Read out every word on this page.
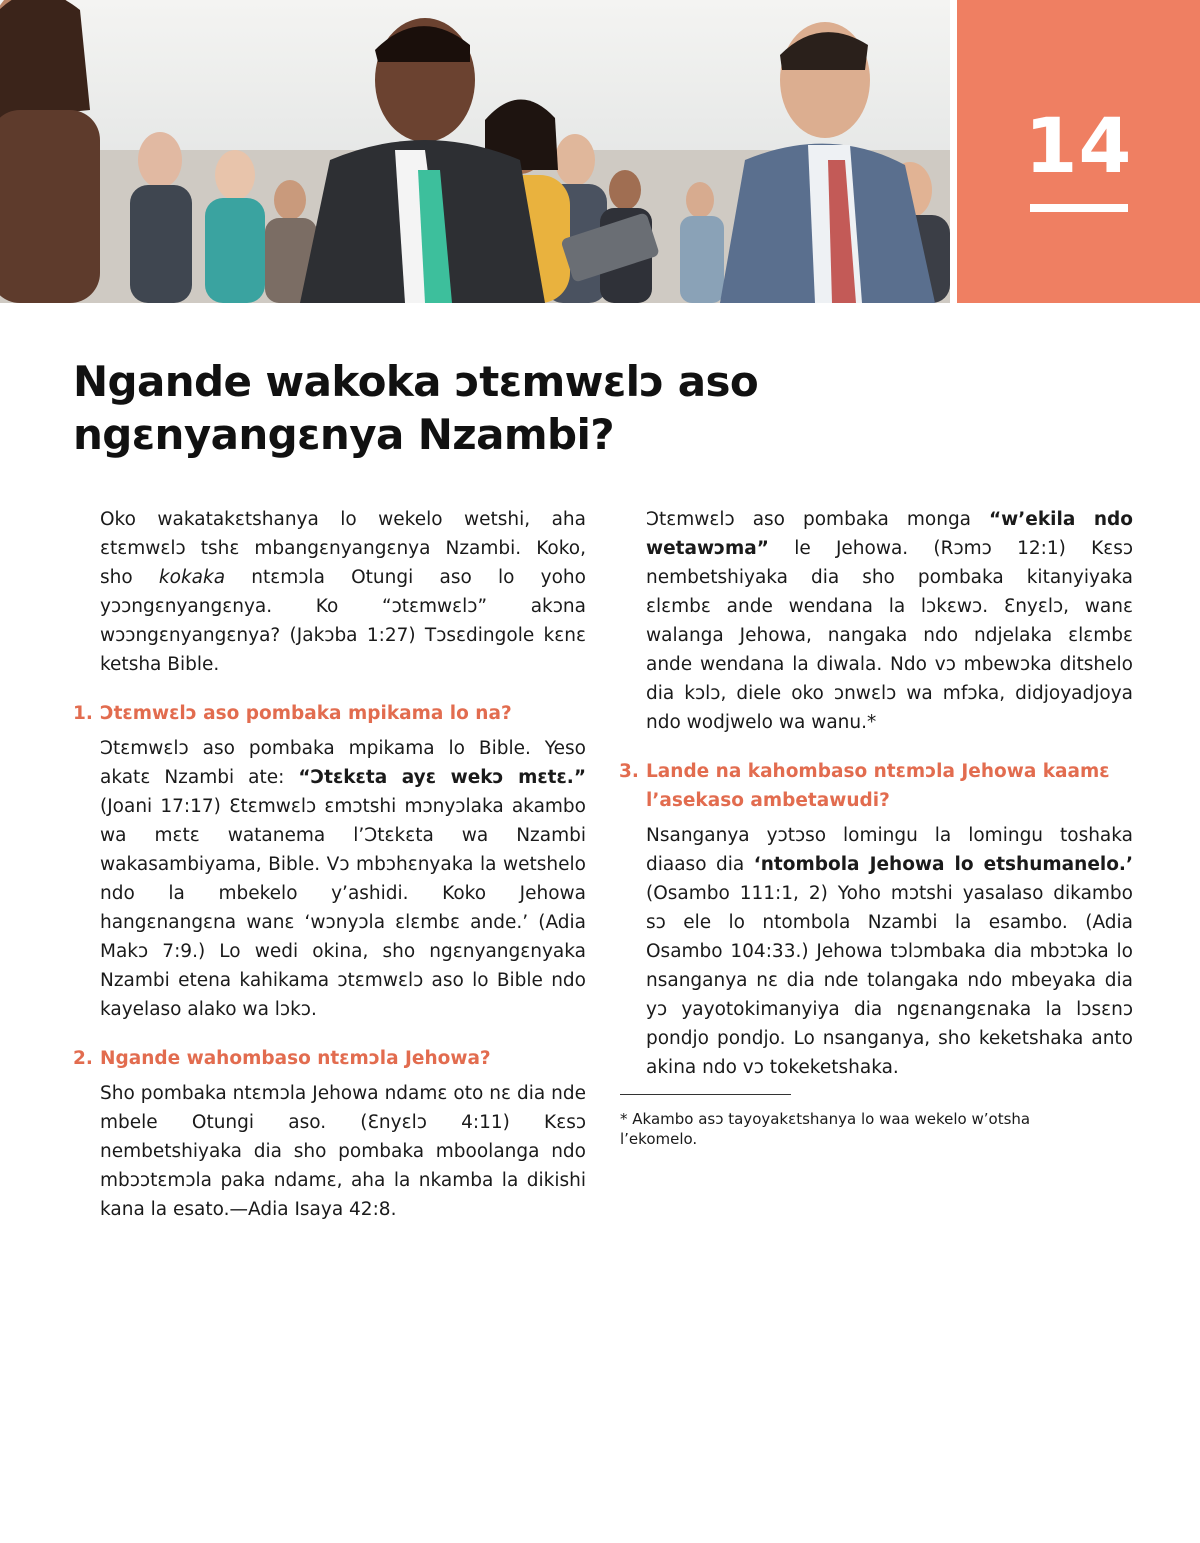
14
Ngande wakoka ɔtɛmwɛlɔ aso ngɛnyangɛnya Nzambi?

Oko wakatakɛtshanya lo wekelo wetshi, aha ɛtɛmwɛlɔ tshɛ mbangɛnyangɛnya Nzambi. Koko, sho kokaka ntɛmɔla Otungi aso lo yoho yɔɔngɛnyangɛnya. Ko “ɔtɛmwɛlɔ” akɔna wɔɔngɛnyangɛnya? (Jakɔba 1:27) Tɔsɛdingole kɛnɛ ketsha Bible.

1. Ɔtɛmwɛlɔ aso pombaka mpikama lo na?

Ɔtɛmwɛlɔ aso pombaka mpikama lo Bible. Yeso akatɛ Nzambi ate: “Ɔtɛkɛta ayɛ wekɔ mɛtɛ.” (Joani 17:17) Ɛtɛmwɛlɔ ɛmɔtshi mɔnyɔlaka akambo wa mɛtɛ watanema l’Ɔtɛkɛta wa Nzambi wakasambiyama, Bible. Vɔ mbɔhɛnyaka la wetshelo ndo la mbekelo y’ashidi. Koko Jehowa hangɛnangɛna wanɛ ‘wɔnyɔla ɛlɛmbɛ ande.’ (Adia Makɔ 7:9.) Lo wedi okina, sho ngɛnyangɛnyaka Nzambi etena kahikama ɔtɛmwɛlɔ aso lo Bible ndo kayelaso alako wa lɔkɔ.

2. Ngande wahombaso ntɛmɔla Jehowa?

Sho pombaka ntɛmɔla Jehowa ndamɛ oto nɛ dia nde mbele Otungi aso. (Ɛnyɛlɔ 4:11) Kɛsɔ nembetshiyaka dia sho pombaka mboolanga ndo mbɔɔtɛmɔla paka ndamɛ, aha la nkamba la dikishi kana la esato.—Adia Isaya 42:8.

Ɔtɛmwɛlɔ aso pombaka monga “w’ekila ndo wetawɔma” le Jehowa. (Rɔmɔ 12:1) Kɛsɔ nembetshiyaka dia sho pombaka kitanyiyaka ɛlɛmbɛ ande wendana la lɔkɛwɔ. Ɛnyɛlɔ, wanɛ walanga Jehowa, nangaka ndo ndjelaka ɛlɛmbɛ ande wendana la diwala. Ndo vɔ mbewɔka ditshelo dia kɔlɔ, diele oko ɔnwɛlɔ wa mfɔka, didjoyadjoya ndo wodjwelo wa wanu.*

3. Lande na kahombaso ntɛmɔla Jehowa kaamɛ l’asekaso ambetawudi?

Nsanganya yɔtɔso lomingu la lomingu toshaka diaaso dia ‘ntombola Jehowa lo etshumanelo.’ (Osambo 111:1, 2) Yoho mɔtshi yasalaso dikambo sɔ ele lo ntombola Nzambi la esambo. (Adia Osambo 104:33.) Jehowa tɔlɔmbaka dia mbɔtɔka lo nsanganya nɛ dia nde tolangaka ndo mbeyaka dia yɔ yayotokimanyiya dia ngɛnangɛnaka la lɔsɛnɔ pondjo pondjo. Lo nsanganya, sho keketshaka anto akina ndo vɔ tokeketshaka.

* Akambo asɔ tayoyakɛtshanya lo waa wekelo w’otsha l’ekomelo.
